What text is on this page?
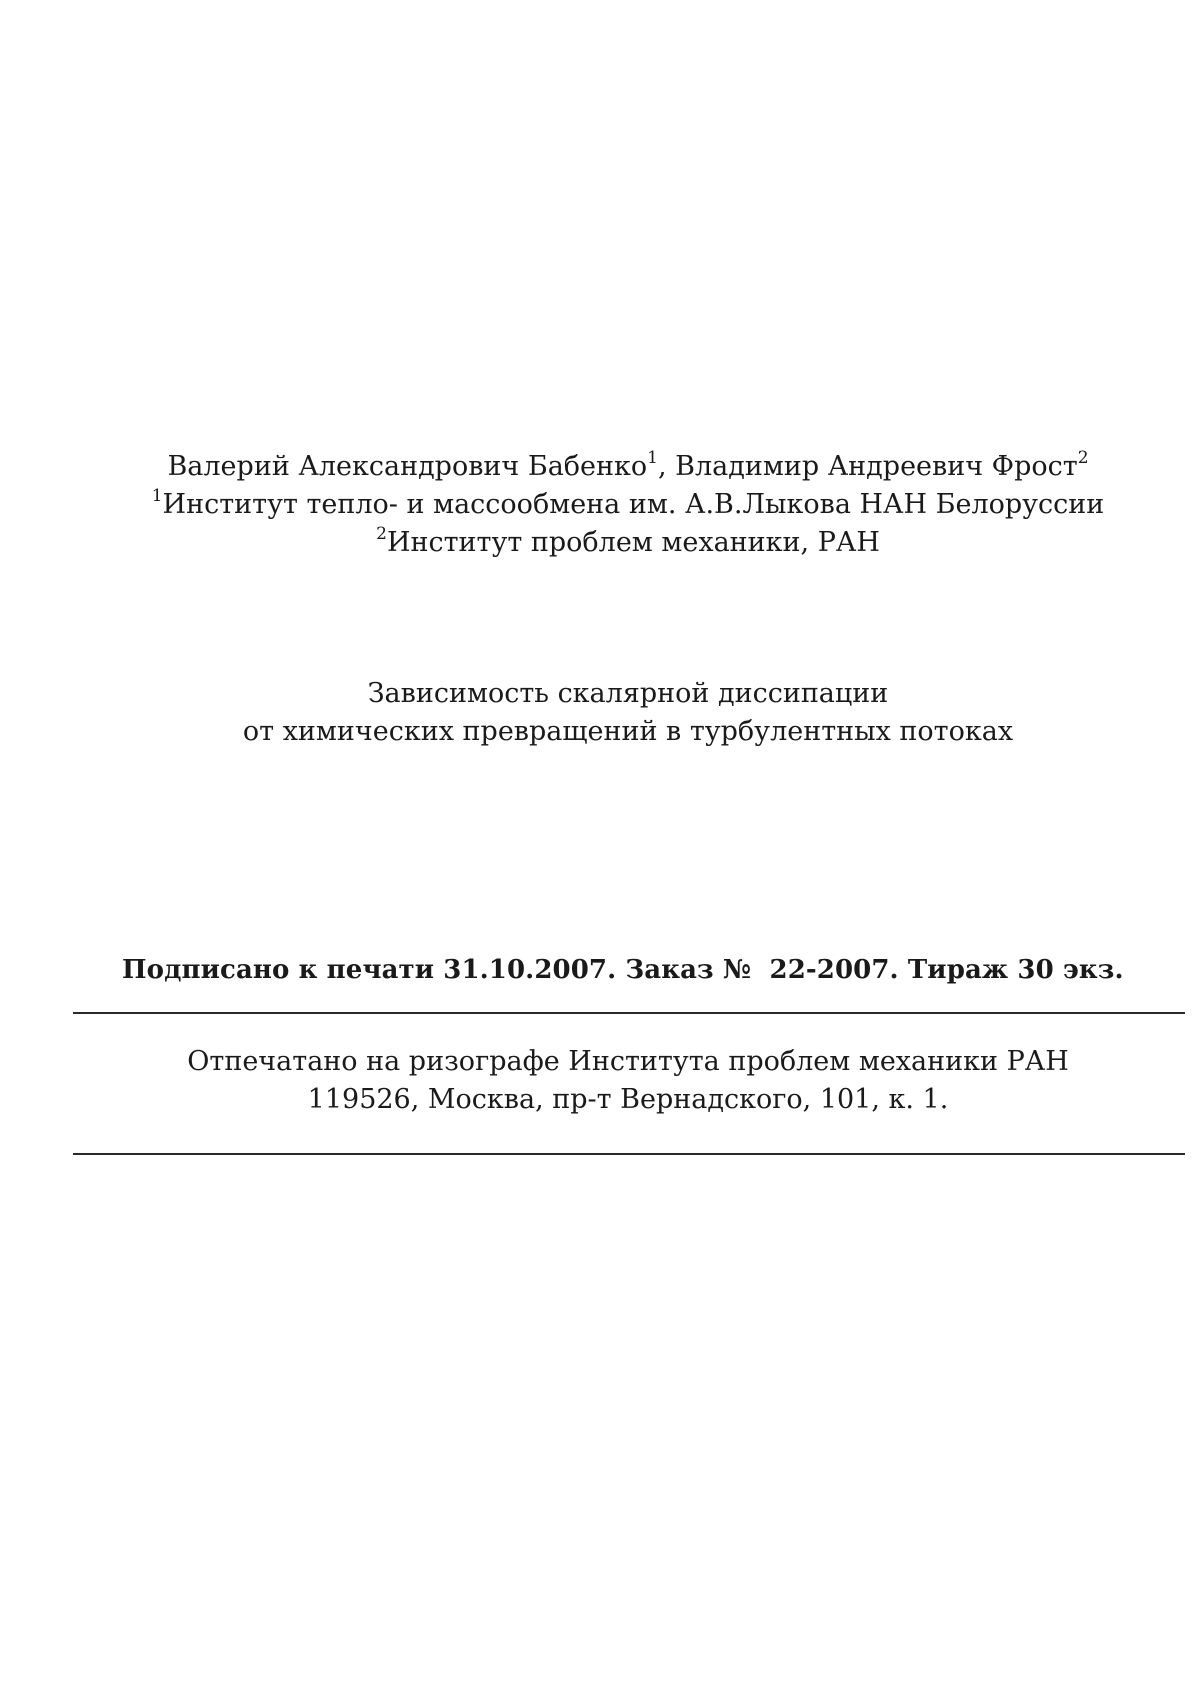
Валерий Александрович Бабенко$^1$, Владимир Андреевич Фрост$^2$
$^1$Институт тепло- и массообмена им. А.В.Лыкова НАН Белоруссии
$^2$Институт проблем механики, РАН
Зависимость скалярной диссипации
от химических превращений в турбулентных потоках
Подписано к печати 31.10.2007. Заказ №  22-2007. Тираж 30 экз.
Отпечатано на ризографе Института проблем механики РАН
119526, Москва, пр-т Вернадского, 101, к. 1.
